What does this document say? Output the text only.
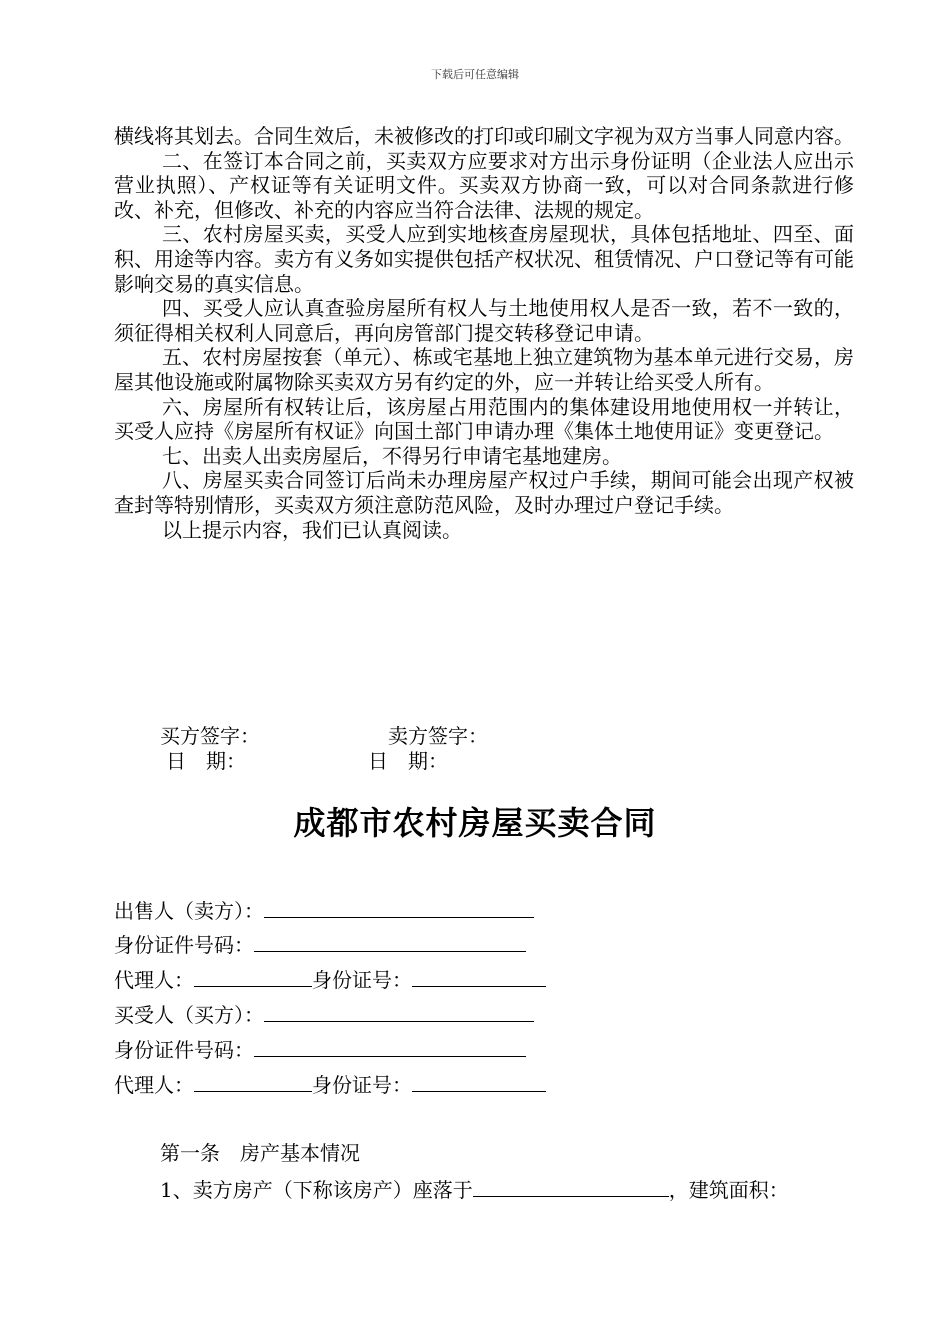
下载后可任意编辑

横线将其划去。合同生效后，未被修改的打印或印刷文字视为双方当事人同意内容。

二、在签订本合同之前，买卖双方应要求对方出示身份证明（企业法人应出示营业执照）、产权证等有关证明文件。买卖双方协商一致，可以对合同条款进行修改、补充，但修改、补充的内容应当符合法律、法规的规定。

三、农村房屋买卖，买受人应到实地核查房屋现状，具体包括地址、四至、面积、用途等内容。卖方有义务如实提供包括产权状况、租赁情况、户口登记等有可能影响交易的真实信息。

四、买受人应认真查验房屋所有权人与土地使用权人是否一致，若不一致的，须征得相关权利人同意后，再向房管部门提交转移登记申请。

五、农村房屋按套（单元）、栋或宅基地上独立建筑物为基本单元进行交易，房屋其他设施或附属物除买卖双方另有约定的外，应一并转让给买受人所有。

六、房屋所有权转让后，该房屋占用范围内的集体建设用地使用权一并转让，买受人应持《房屋所有权证》向国土部门申请办理《集体土地使用证》变更登记。

七、出卖人出卖房屋后，不得另行申请宅基地建房。

八、房屋买卖合同签订后尚未办理房屋产权过户手续，期间可能会出现产权被查封等特别情形，买卖双方须注意防范风险，及时办理过户登记手续。

以上提示内容，我们已认真阅读。

买方签字：	卖方签字：
日　期：	日　期：
成都市农村房屋买卖合同
出售人（卖方）：
身份证件号码：
代理人：	身份证号：
买受人（买方）：
身份证件号码：
代理人：	身份证号：
第一条　房产基本情况
1、卖方房产（下称该房产）座落于	，建筑面积：
